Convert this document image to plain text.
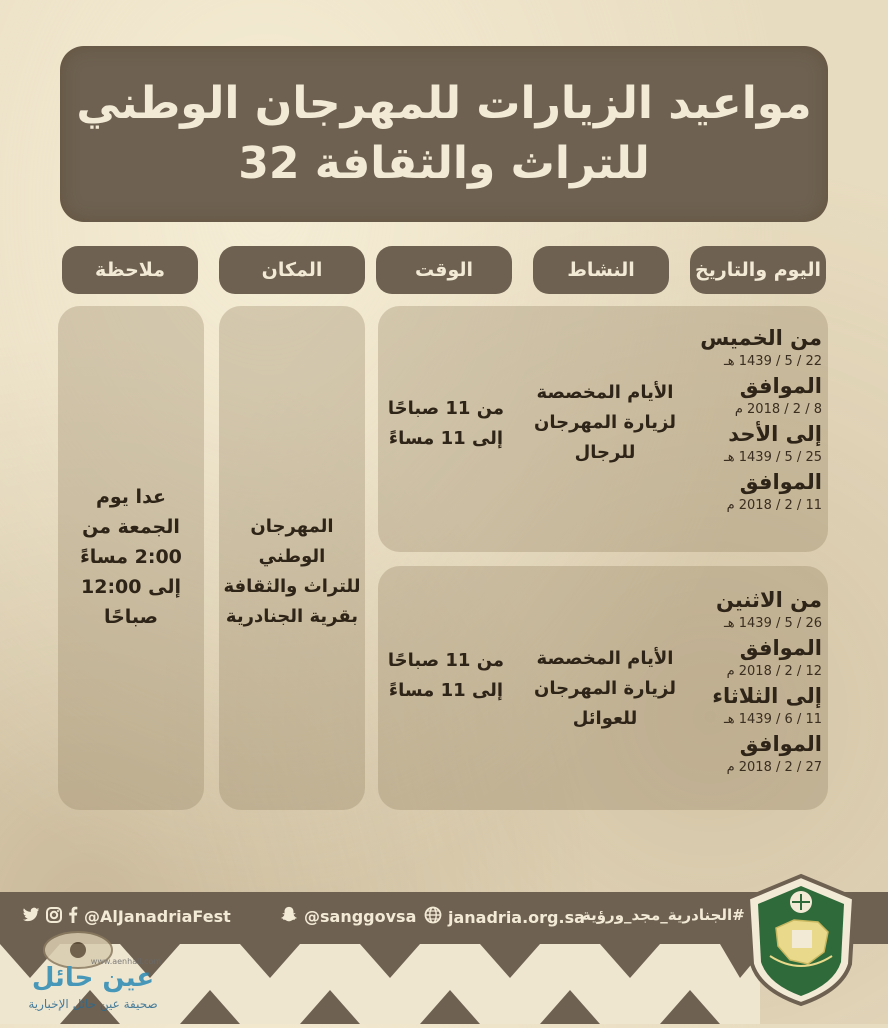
مواعيد الزيارات للمهرجان الوطني
للتراث والثقافة 32
اليوم والتاريخ
النشاط
الوقت
المكان
ملاحظة
من الخميس
22 / 5 / 1439 هـ
الموافق
8 / 2 / 2018 م
إلى الأحد
25 / 5 / 1439 هـ
الموافق
11 / 2 / 2018 م
الأيام المخصصة
لزيارة المهرجان
للرجال
من 11 صباحًا
إلى 11 مساءً
من الاثنين
26 / 5 / 1439 هـ
الموافق
12 / 2 / 2018 م
إلى الثلاثاء
11 / 6 / 1439 هـ
الموافق
27 / 2 / 2018 م
الأيام المخصصة
لزيارة المهرجان
للعوائل
من 11 صباحًا
إلى 11 مساءً
المهرجان الوطني
للتراث والثقافة
بقرية الجنادرية
عدا يوم
الجمعة من
2:00 مساءً
إلى 12:00
صباحًا
@AlJanadriaFest	@sanggovsa janadria.org.sa
#الجنادرية_مجد_ورؤية
عين حائل
صحيفة عين حائل الإخبارية
www.aenhail.com
